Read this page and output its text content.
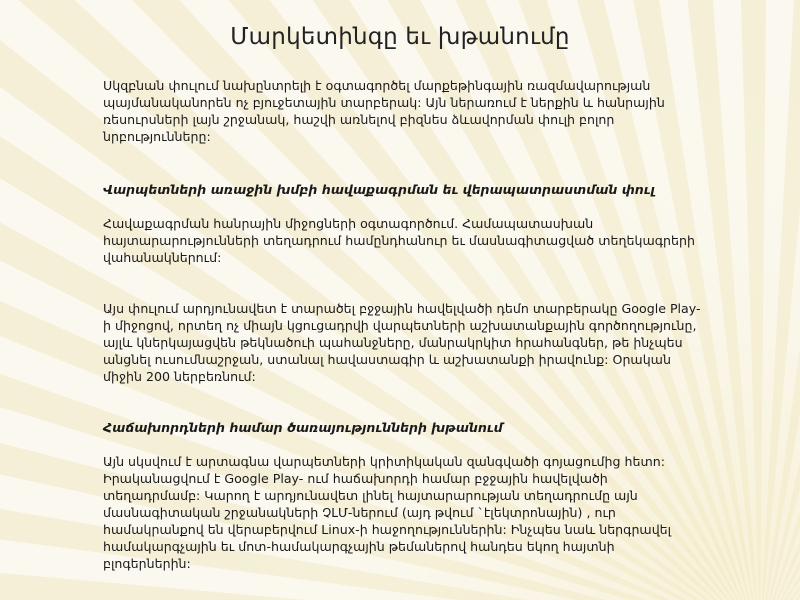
Մարկետինգը եւ խթանումը

Սկզբնան փուլում նախընտրելի է օգտագործել մարքեթինգային ռազմավարության պայմանականորեն ոչ բյուջետային տարբերակ: Այն ներառում է ներքին և հանրային ռեսուրսների լայն շրջանակ, հաշվի առնելով բիզնես ձևավորման փուլի բոլոր նրբությունները:

Վարպետների առաջին խմբի հավաքագրման եւ վերապատրաստման փուլ

Հավաքագրման հանրային միջոցների օգտագործում. Համապատասխան հայտարարությունների տեղադրում համընդհանուր եւ մասնագիտացված տեղեկագրերի վահանակներում:

Այս փուլում արդյունավետ է տարածել բջջային հավելվածի դեմո տարբերակը Google Play-ի միջոցով, որտեղ ոչ միայն կցուցադրվի վարպետների աշխատանքային գործողությունը, այլև կներկայացվեն թեկնածուի պահանջները, մանրակրկիտ հրահանգներ, թե ինչպես անցնել ուսումնաշրջան, ստանալ հավաստագիր և աշխատանքի իրավունք: Օրական միջին 200 ներբեռնում:

Հաճախորդների համար ծառայությունների խթանում

Այն սկսվում է արտագնա վարպետների կրիտիկական զանգվածի գոյացումից հետո: Իրականացվում է Google Play- ում հաճախորդի համար բջջային հավելվածի տեղադրմամբ: Կարող է արդյունավետ լինել հայտարարության տեղադրումը այն մասնագիտական շրջանակների ՉԼՄ-ներում (այդ թվում `էլեկտրոնային) , ուր համակրանքով են վերաբերվում Linux-ի հաջողություններին: Ինչպես նաև ներգրավել համակարգչային եւ մոտ-համակարգչային թեմաներով հանդես եկող հայտնի բլոգերներին:
